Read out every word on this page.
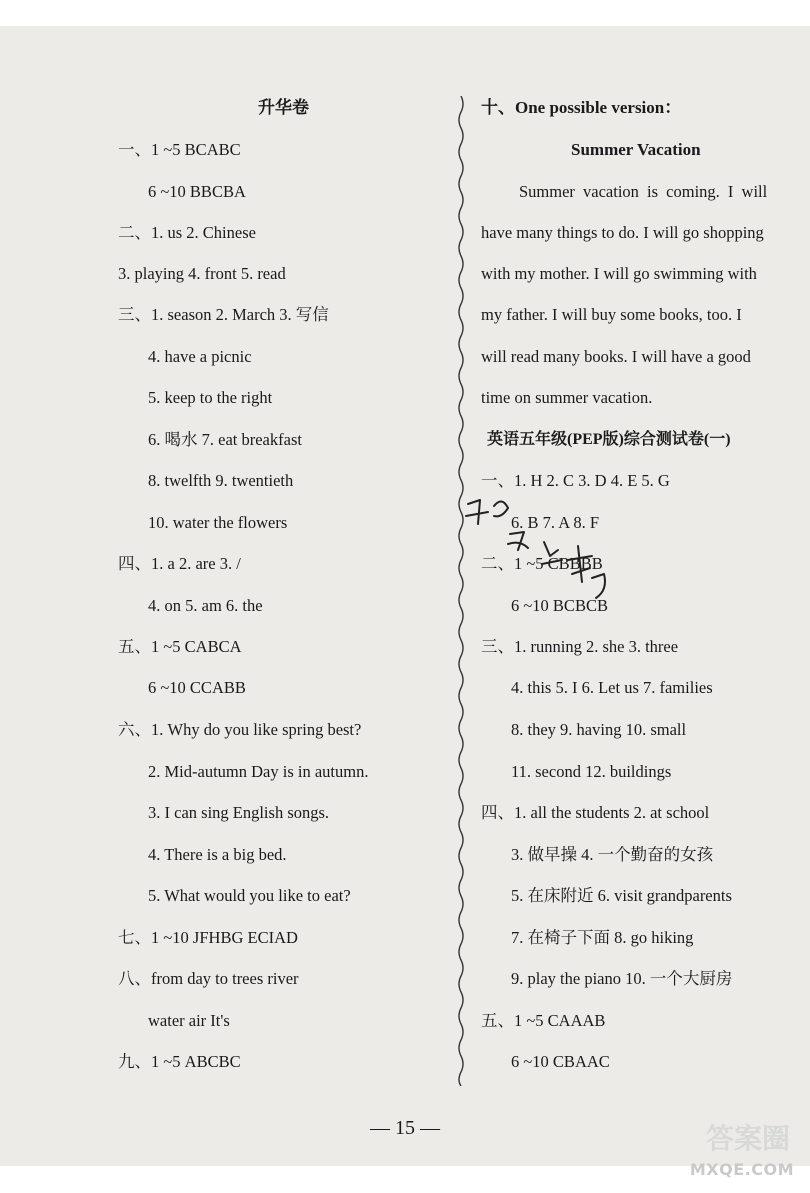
升华卷
一、1 ~5 BCABC
6 ~10 BBCBA
二、1. us 2. Chinese
3. playing 4. front 5. read
三、1. season 2. March 3. 写信
4. have a picnic
5. keep to the right
6. 喝水 7. eat breakfast
8. twelfth 9. twentieth
10. water the flowers
四、1. a 2. are 3. /
4. on 5. am 6. the
五、1 ~5 CABCA
6 ~10 CCABB
六、1. Why do you like spring best?
2. Mid-autumn Day is in autumn.
3. I can sing English songs.
4. There is a big bed.
5. What would you like to eat?
七、1 ~10 JFHBG ECIAD
八、from day to trees river
water air It's
九、1 ~5 ABCBC
十、One possible version：
Summer Vacation
Summer vacation is coming. I will
have many things to do. I will go shopping
with my mother. I will go swimming with
my father. I will buy some books, too. I
will read many books. I will have a good
time on summer vacation.
英语五年级(PEP版)综合测试卷(一)
一、1. H 2. C 3. D 4. E 5. G
6. B 7. A 8. F
二、1 ~5 CBBBB
6 ~10 BCBCB
三、1. running 2. she 3. three
4. this 5. I 6. Let us 7. families
8. they 9. having 10. small
11. second 12. buildings
四、1. all the students 2. at school
3. 做早操 4. 一个勤奋的女孩
5. 在床附近 6. visit grandparents
7. 在椅子下面 8. go hiking
9. play the piano 10. 一个大厨房
五、1 ~5 CAAAB
6 ~10 CBAAC
— 15 —	答案圈
MXQE.COM
